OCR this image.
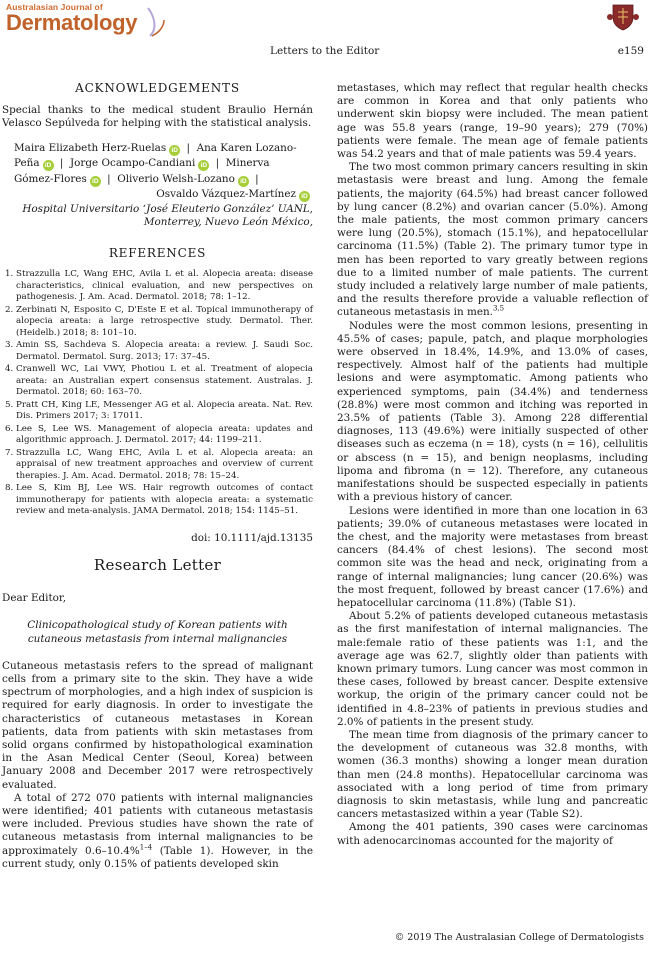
Australasian Journal of
Dermatology
Letters to the Editor	e159
ACKNOWLEDGEMENTS

Special thanks to the medical student Braulio Hernán Velasco Sepúlveda for helping with the statistical analysis.

Maira Elizabeth Herz-Ruelas iD |  Ana Karen Lozano-
Peña iD |  Jorge Ocampo-Candiani iD |  Minerva
Gómez-Flores iD |  Oliverio Welsh-Lozano iD |
Osvaldo Vázquez-Martínez iD
Hospital Universitario ‘José Eleuterio González’ UANL,
Monterrey, Nuevo León México,
REFERENCES
1. Strazzulla LC, Wang EHC, Avila L et al. Alopecia areata: disease characteristics, clinical evaluation, and new perspectives on pathogenesis. J. Am. Acad. Dermatol. 2018; 78: 1–12.
2. Zerbinati N, Esposito C, D'Este E et al. Topical immunotherapy of alopecia areata: a large retrospective study. Dermatol. Ther. (Heidelb.) 2018; 8: 101–10.
3. Amin SS, Sachdeva S. Alopecia areata: a review. J. Saudi Soc. Dermatol. Dermatol. Surg. 2013; 17: 37–45.
4. Cranwell WC, Lai VWY, Photiou L et al. Treatment of alopecia areata: an Australian expert consensus statement. Australas. J. Dermatol. 2018; 60: 163–70.
5. Pratt CH, King LE, Messenger AG et al. Alopecia areata. Nat. Rev. Dis. Primers 2017; 3: 17011.
6. Lee S, Lee WS. Management of alopecia areata: updates and algorithmic approach. J. Dermatol. 2017; 44: 1199–211.
7. Strazzulla LC, Wang EHC, Avila L et al. Alopecia areata: an appraisal of new treatment approaches and overview of current therapies. J. Am. Acad. Dermatol. 2018; 78: 15–24.
8. Lee S, Kim BJ, Lee WS. Hair regrowth outcomes of contact immunotherapy for patients with alopecia areata: a systematic review and meta-analysis. JAMA Dermatol. 2018; 154: 1145–51.
doi: 10.1111/ajd.13135
Research Letter

Dear Editor,

Clinicopathological study of Korean patients with
cutaneous metastasis from internal malignancies

Cutaneous metastasis refers to the spread of malignant cells from a primary site to the skin. They have a wide spectrum of morphologies, and a high index of suspicion is required for early diagnosis. In order to investigate the characteristics of cutaneous metastases in Korean patients, data from patients with skin metastases from solid organs confirmed by histopathological examination in the Asan Medical Center (Seoul, Korea) between January 2008 and December 2017 were retrospectively evaluated.

A total of 272 070 patients with internal malignancies were identified; 401 patients with cutaneous metastasis were included. Previous studies have shown the rate of cutaneous metastasis from internal malignancies to be approximately 0.6–10.4%$^{1-4}$ (Table 1). However, in the current study, only 0.15% of patients developed skin

metastases, which may reflect that regular health checks are common in Korea and that only patients who underwent skin biopsy were included. The mean patient age was 55.8 years (range, 19–90 years); 279 (70%) patients were female. The mean age of female patients was 54.2 years and that of male patients was 59.4 years.

The two most common primary cancers resulting in skin metastasis were breast and lung. Among the female patients, the majority (64.5%) had breast cancer followed by lung cancer (8.2%) and ovarian cancer (5.0%). Among the male patients, the most common primary cancers were lung (20.5%), stomach (15.1%), and hepatocellular carcinoma (11.5%) (Table 2). The primary tumor type in men has been reported to vary greatly between regions due to a limited number of male patients. The current study included a relatively large number of male patients, and the results therefore provide a valuable reflection of cutaneous metastasis in men.$^{3,5}$

Nodules were the most common lesions, presenting in 45.5% of cases; papule, patch, and plaque morphologies were observed in 18.4%, 14.9%, and 13.0% of cases, respectively. Almost half of the patients had multiple lesions and were asymptomatic. Among patients who experienced symptoms, pain (34.4%) and tenderness (28.8%) were most common and itching was reported in 23.5% of patients (Table 3). Among 228 differential diagnoses, 113 (49.6%) were initially suspected of other diseases such as eczema (n = 18), cysts (n = 16), cellulitis or abscess (n = 15), and benign neoplasms, including lipoma and fibroma (n = 12). Therefore, any cutaneous manifestations should be suspected especially in patients with a previous history of cancer.

Lesions were identified in more than one location in 63 patients; 39.0% of cutaneous metastases were located in the chest, and the majority were metastases from breast cancers (84.4% of chest lesions). The second most common site was the head and neck, originating from a range of internal malignancies; lung cancer (20.6%) was the most frequent, followed by breast cancer (17.6%) and hepatocellular carcinoma (11.8%) (Table S1).

About 5.2% of patients developed cutaneous metastasis as the first manifestation of internal malignancies. The male:female ratio of these patients was 1:1, and the average age was 62.7, slightly older than patients with known primary tumors. Lung cancer was most common in these cases, followed by breast cancer. Despite extensive workup, the origin of the primary cancer could not be identified in 4.8–23% of patients in previous studies and 2.0% of patients in the present study.

The mean time from diagnosis of the primary cancer to the development of cutaneous was 32.8 months, with women (36.3 months) showing a longer mean duration than men (24.8 months). Hepatocellular carcinoma was associated with a long period of time from primary diagnosis to skin metastasis, while lung and pancreatic cancers metastasized within a year (Table S2).

Among the 401 patients, 390 cases were carcinomas with adenocarcinomas accounted for the majority of

© 2019 The Australasian College of Dermatologists
